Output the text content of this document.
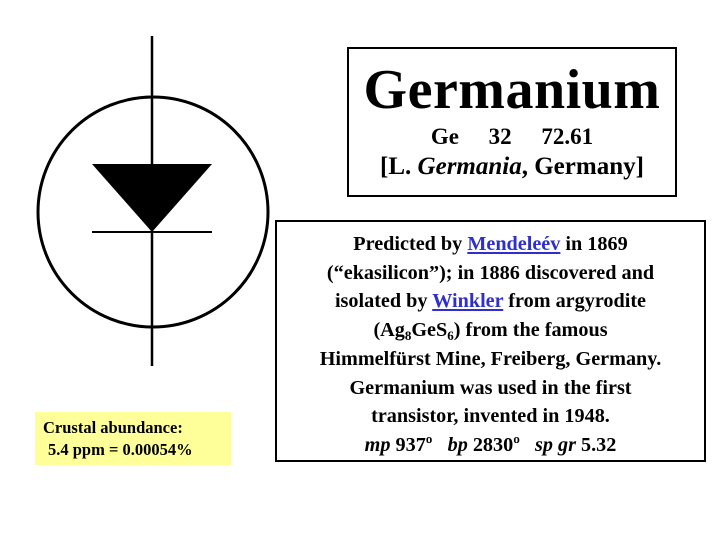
Germanium
Ge 32 72.61
[L. Germania, Germany]
Predicted by Mendeleév in 1869
(“ekasilicon”); in 1886 discovered and
isolated by Winkler from argyrodite
$(Ag_8GeS_6)$ from the famous
Himmelfürst Mine, Freiberg, Germany.
Germanium was used in the first
transistor, invented in 1948.
mp 937º bp 2830º sp gr 5.32
Crustal abundance:
5.4 ppm = 0.00054%
